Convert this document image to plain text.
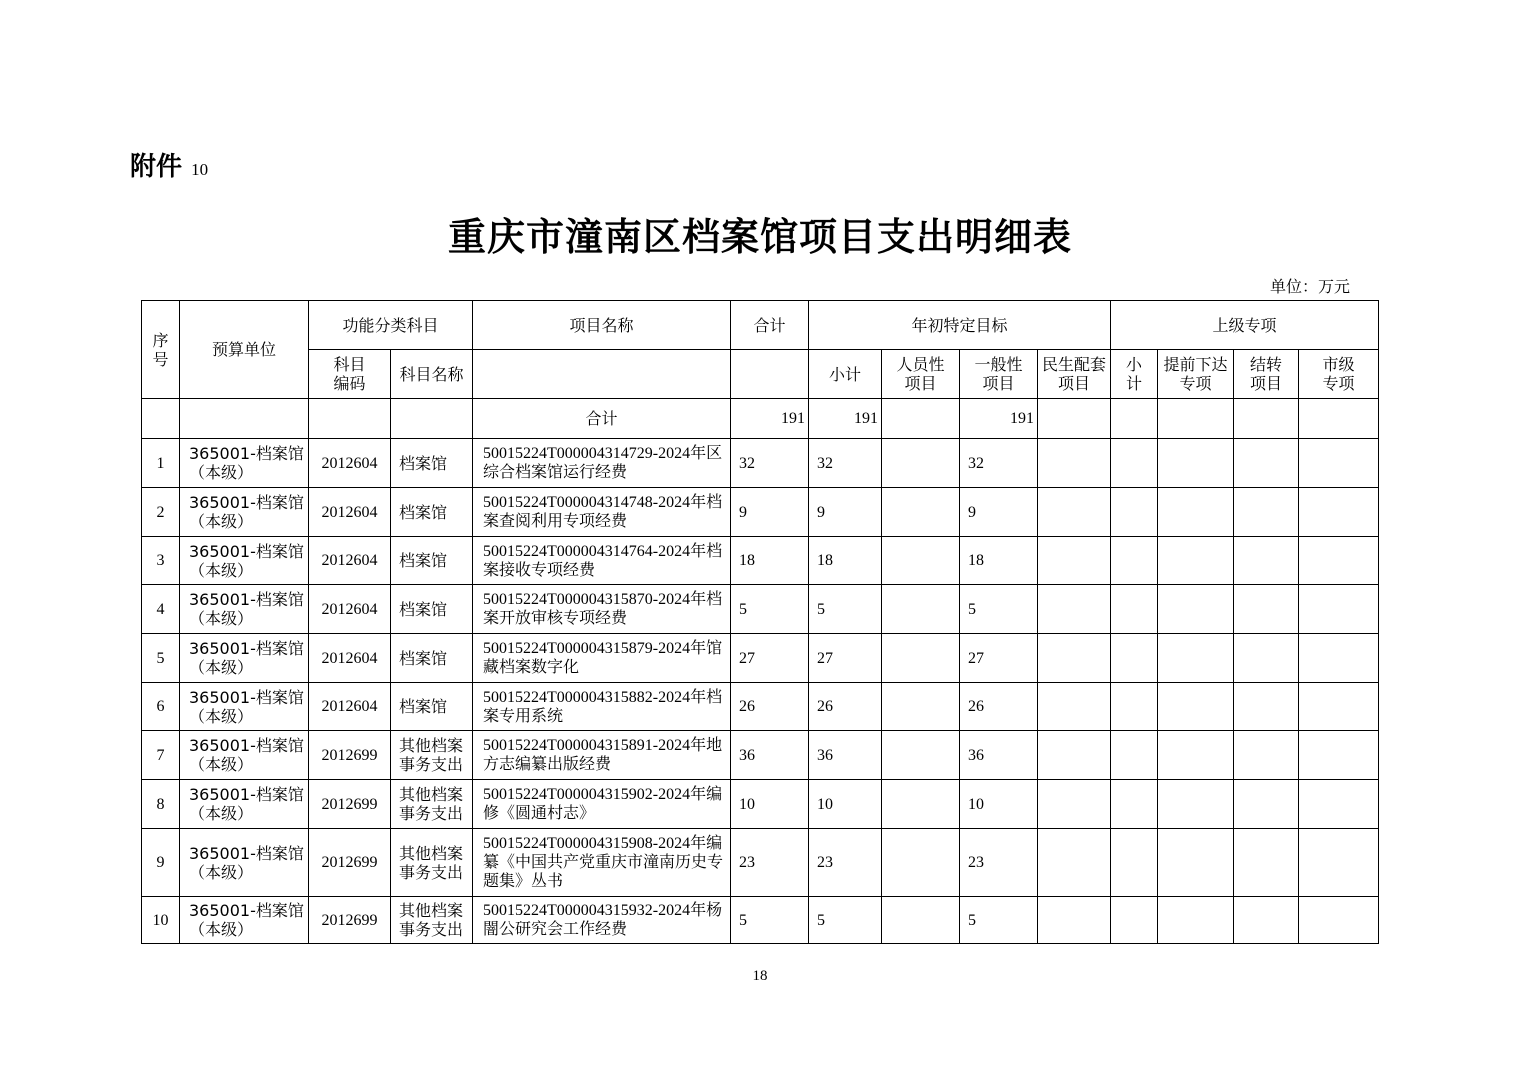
附件 10
重庆市潼南区档案馆项目支出明细表
单位：万元
序号	预算单位	功能分类科目		项目名称	合计	年初特定目标				上级专项			

		科目编码	科目名称			小计	人员性项目	一般性项目	民生配套项目	小计	提前下达专项	结转项目	市级专项

				合计	191	191		191					
1	365001-档案馆（本级）	2012604	档案馆	50015224T000004314729-2024年区综合档案馆运行经费	32	32		32					
2	365001-档案馆（本级）	2012604	档案馆	50015224T000004314748-2024年档案查阅利用专项经费	9	9		9					
3	365001-档案馆（本级）	2012604	档案馆	50015224T000004314764-2024年档案接收专项经费	18	18		18					
4	365001-档案馆（本级）	2012604	档案馆	50015224T000004315870-2024年档案开放审核专项经费	5	5		5					
5	365001-档案馆（本级）	2012604	档案馆	50015224T000004315879-2024年馆藏档案数字化	27	27		27					
6	365001-档案馆（本级）	2012604	档案馆	50015224T000004315882-2024年档案专用系统	26	26		26					
7	365001-档案馆（本级）	2012699	其他档案事务支出	50015224T000004315891-2024年地方志编纂出版经费	36	36		36					
8	365001-档案馆（本级）	2012699	其他档案事务支出	50015224T000004315902-2024年编修《圆通村志》	10	10		10					
9	365001-档案馆（本级）	2012699	其他档案事务支出	50015224T000004315908-2024年编纂《中国共产党重庆市潼南历史专题集》丛书	23	23		23					
10	365001-档案馆（本级）	2012699	其他档案事务支出	50015224T000004315932-2024年杨闇公研究会工作经费	5	5		5					
18
